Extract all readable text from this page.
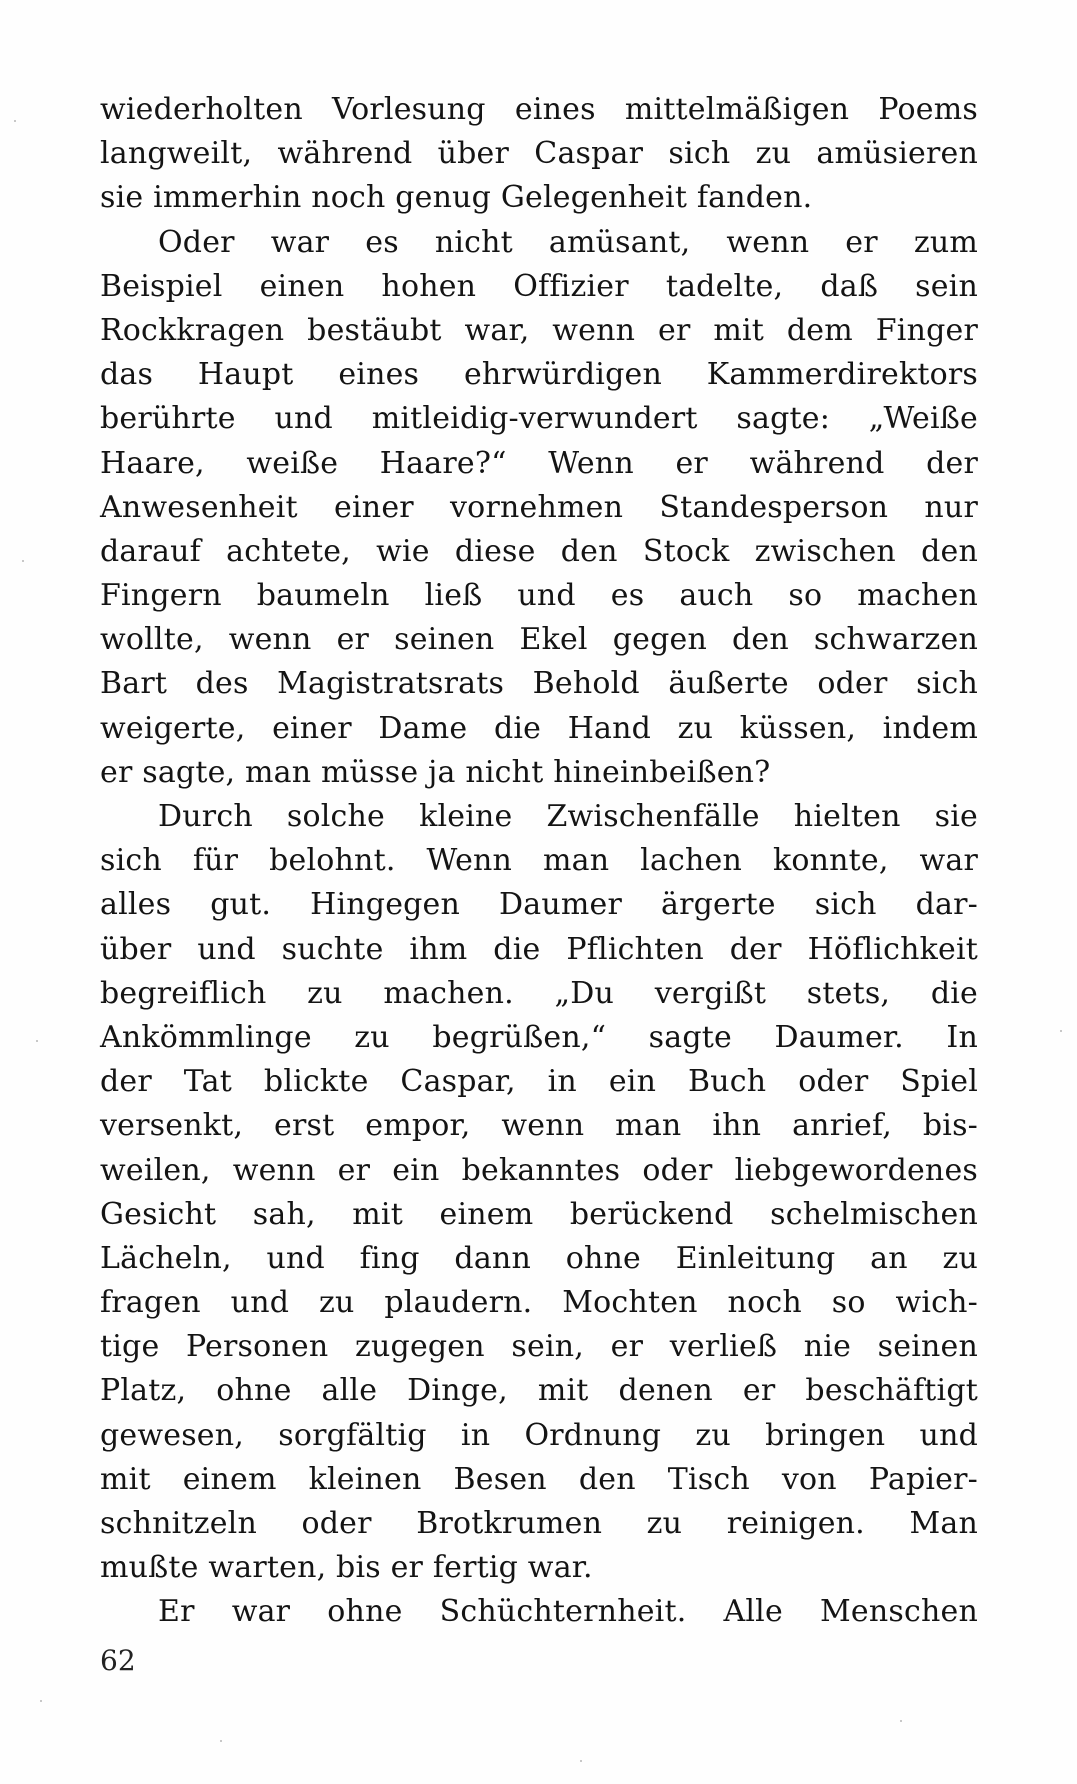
wiederholten Vorlesung eines mittelmäßigen Poems
langweilt, während über Caspar sich zu amüsieren
sie immerhin noch genug Gelegenheit fanden.
Oder war es nicht amüsant, wenn er zum
Beispiel einen hohen Offizier tadelte, daß sein
Rockkragen bestäubt war, wenn er mit dem Finger
das Haupt eines ehrwürdigen Kammerdirektors
berührte und mitleidig-verwundert sagte: „Weiße
Haare, weiße Haare?“ Wenn er während der
Anwesenheit einer vornehmen Standesperson nur
darauf achtete, wie diese den Stock zwischen den
Fingern baumeln ließ und es auch so machen
wollte, wenn er seinen Ekel gegen den schwarzen
Bart des Magistratsrats Behold äußerte oder sich
weigerte, einer Dame die Hand zu küssen, indem
er sagte, man müsse ja nicht hineinbeißen?
Durch solche kleine Zwischenfälle hielten sie
sich für belohnt. Wenn man lachen konnte, war
alles gut. Hingegen Daumer ärgerte sich dar-
über und suchte ihm die Pflichten der Höflichkeit
begreiflich zu machen. „Du vergißt stets, die
Ankömmlinge zu begrüßen,“ sagte Daumer. In
der Tat blickte Caspar, in ein Buch oder Spiel
versenkt, erst empor, wenn man ihn anrief, bis-
weilen, wenn er ein bekanntes oder liebgewordenes
Gesicht sah, mit einem berückend schelmischen
Lächeln, und fing dann ohne Einleitung an zu
fragen und zu plaudern. Mochten noch so wich-
tige Personen zugegen sein, er verließ nie seinen
Platz, ohne alle Dinge, mit denen er beschäftigt
gewesen, sorgfältig in Ordnung zu bringen und
mit einem kleinen Besen den Tisch von Papier-
schnitzeln oder Brotkrumen zu reinigen. Man
mußte warten, bis er fertig war.
Er war ohne Schüchternheit. Alle Menschen
62
